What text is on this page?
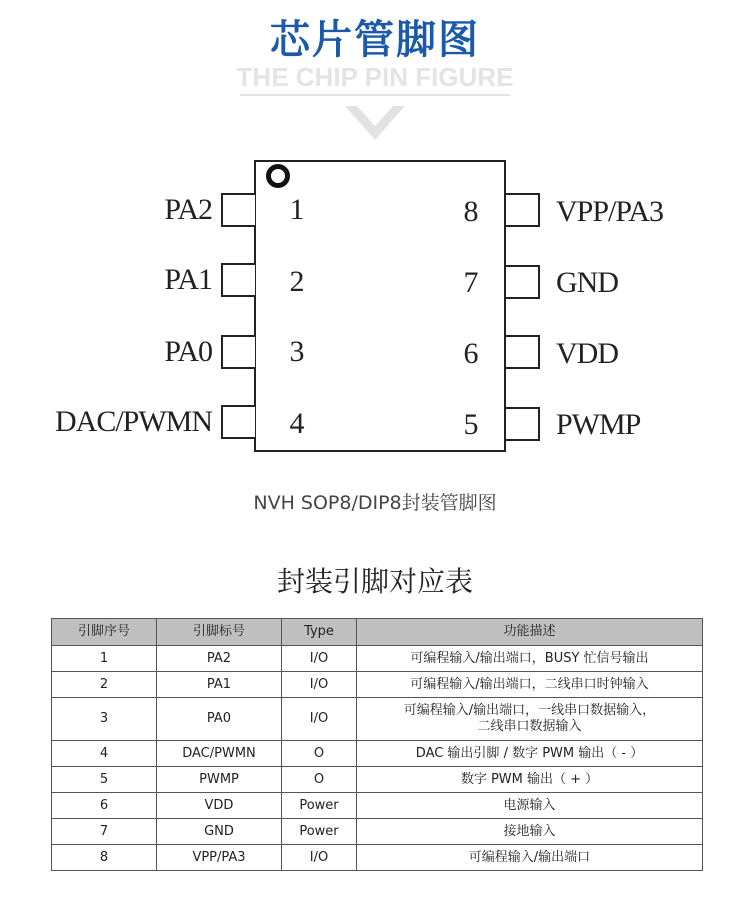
芯片管脚图
THE CHIP PIN FIGURE
PA2
PA1
PA0
DAC/PWMN
1
2
3
4
VPP/PA3
GND
VDD
PWMP
8
7
6
5
NVH SOP8/DIP8封装管脚图
封装引脚对应表
引脚序号	引脚标号	Type	功能描述
1	PA2	I/O	可编程输入/输出端口，BUSY 忙信号输出
2	PA1	I/O	可编程输入/输出端口，二线串口时钟输入
3	PA0	I/O	可编程输入/输出端口，一线串口数据输入，
二线串口数据输入

4	DAC/PWMN	O	DAC 输出引脚 / 数字 PWM 输出（ - ）
5	PWMP	O	数字 PWM 输出（ + ）
6	VDD	Power	电源输入
7	GND	Power	接地输入
8	VPP/PA3	I/O	可编程输入/输出端口
